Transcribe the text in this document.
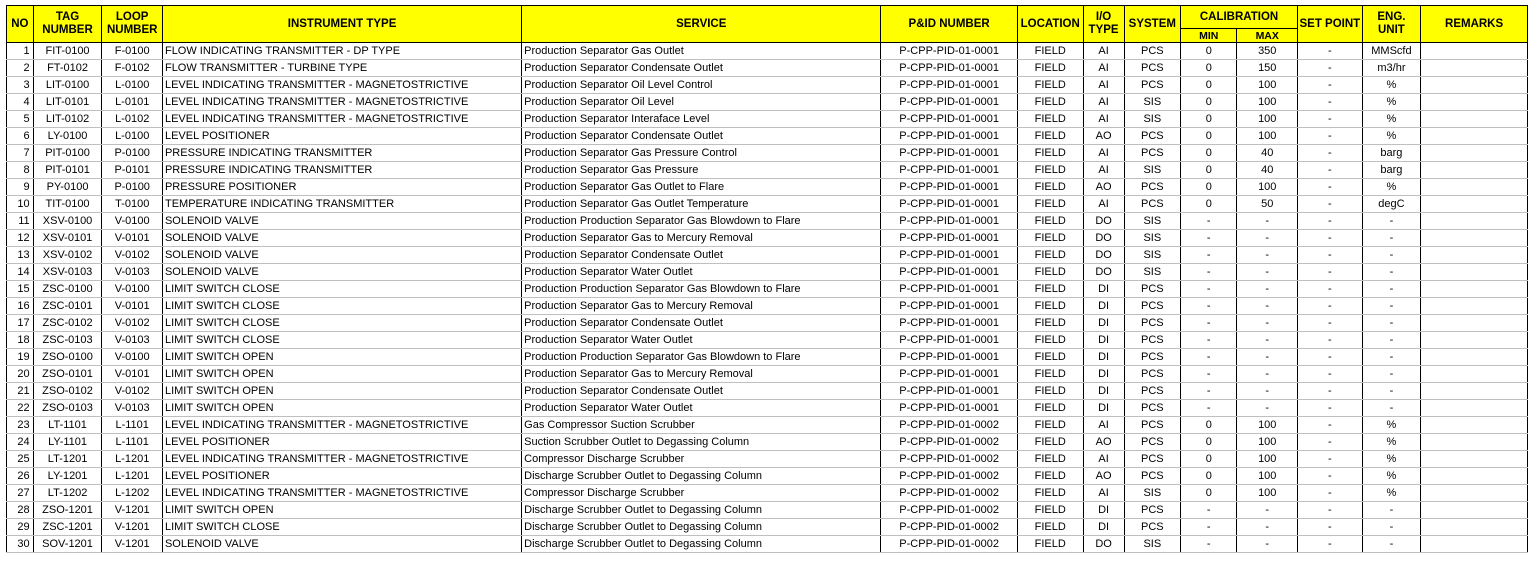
NO	TAG NUMBER	LOOP NUMBER	INSTRUMENT TYPE	SERVICE	P&ID NUMBER	LOCATION	I/O TYPE	SYSTEM	CALIBRATION		SET POINT	ENG. UNIT	REMARKS
									MIN	MAX			
1	FIT-0100	F-0100	FLOW INDICATING TRANSMITTER - DP TYPE	Production Separator Gas Outlet	P-CPP-PID-01-0001	FIELD	AI	PCS	0	350	-	MMScfd	
2	FT-0102	F-0102	FLOW TRANSMITTER - TURBINE TYPE	Production Separator Condensate Outlet	P-CPP-PID-01-0001	FIELD	AI	PCS	0	150	-	m3/hr	
3	LIT-0100	L-0100	LEVEL INDICATING TRANSMITTER - MAGNETOSTRICTIVE	Production Separator Oil Level Control	P-CPP-PID-01-0001	FIELD	AI	PCS	0	100	-	%	
4	LIT-0101	L-0101	LEVEL INDICATING TRANSMITTER - MAGNETOSTRICTIVE	Production Separator Oil Level	P-CPP-PID-01-0001	FIELD	AI	SIS	0	100	-	%	
5	LIT-0102	L-0102	LEVEL INDICATING TRANSMITTER - MAGNETOSTRICTIVE	Production Separator Interaface Level	P-CPP-PID-01-0001	FIELD	AI	SIS	0	100	-	%	
6	LY-0100	L-0100	LEVEL POSITIONER	Production Separator Condensate Outlet	P-CPP-PID-01-0001	FIELD	AO	PCS	0	100	-	%	
7	PIT-0100	P-0100	PRESSURE INDICATING TRANSMITTER	Production Separator Gas Pressure Control	P-CPP-PID-01-0001	FIELD	AI	PCS	0	40	-	barg	
8	PIT-0101	P-0101	PRESSURE INDICATING TRANSMITTER	Production Separator Gas Pressure	P-CPP-PID-01-0001	FIELD	AI	SIS	0	40	-	barg	
9	PY-0100	P-0100	PRESSURE POSITIONER	Production Separator Gas Outlet to Flare	P-CPP-PID-01-0001	FIELD	AO	PCS	0	100	-	%	
10	TIT-0100	T-0100	TEMPERATURE INDICATING TRANSMITTER	Production Separator Gas Outlet Temperature	P-CPP-PID-01-0001	FIELD	AI	PCS	0	50	-	degC	
11	XSV-0100	V-0100	SOLENOID VALVE	Production Production Separator Gas Blowdown to Flare	P-CPP-PID-01-0001	FIELD	DO	SIS	-	-	-	-	
12	XSV-0101	V-0101	SOLENOID VALVE	Production Separator Gas to Mercury Removal	P-CPP-PID-01-0001	FIELD	DO	SIS	-	-	-	-	
13	XSV-0102	V-0102	SOLENOID VALVE	Production Separator Condensate Outlet	P-CPP-PID-01-0001	FIELD	DO	SIS	-	-	-	-	
14	XSV-0103	V-0103	SOLENOID VALVE	Production Separator Water Outlet	P-CPP-PID-01-0001	FIELD	DO	SIS	-	-	-	-	
15	ZSC-0100	V-0100	LIMIT SWITCH CLOSE	Production Production Separator Gas Blowdown to Flare	P-CPP-PID-01-0001	FIELD	DI	PCS	-	-	-	-	
16	ZSC-0101	V-0101	LIMIT SWITCH CLOSE	Production Separator Gas to Mercury Removal	P-CPP-PID-01-0001	FIELD	DI	PCS	-	-	-	-	
17	ZSC-0102	V-0102	LIMIT SWITCH CLOSE	Production Separator Condensate Outlet	P-CPP-PID-01-0001	FIELD	DI	PCS	-	-	-	-	
18	ZSC-0103	V-0103	LIMIT SWITCH CLOSE	Production Separator Water Outlet	P-CPP-PID-01-0001	FIELD	DI	PCS	-	-	-	-	
19	ZSO-0100	V-0100	LIMIT SWITCH OPEN	Production Production Separator Gas Blowdown to Flare	P-CPP-PID-01-0001	FIELD	DI	PCS	-	-	-	-	
20	ZSO-0101	V-0101	LIMIT SWITCH OPEN	Production Separator Gas to Mercury Removal	P-CPP-PID-01-0001	FIELD	DI	PCS	-	-	-	-	
21	ZSO-0102	V-0102	LIMIT SWITCH OPEN	Production Separator Condensate Outlet	P-CPP-PID-01-0001	FIELD	DI	PCS	-	-	-	-	
22	ZSO-0103	V-0103	LIMIT SWITCH OPEN	Production Separator Water Outlet	P-CPP-PID-01-0001	FIELD	DI	PCS	-	-	-	-	
23	LT-1101	L-1101	LEVEL INDICATING TRANSMITTER - MAGNETOSTRICTIVE	Gas Compressor Suction Scrubber	P-CPP-PID-01-0002	FIELD	AI	PCS	0	100	-	%	
24	LY-1101	L-1101	LEVEL POSITIONER	Suction Scrubber Outlet to Degassing Column	P-CPP-PID-01-0002	FIELD	AO	PCS	0	100	-	%	
25	LT-1201	L-1201	LEVEL INDICATING TRANSMITTER - MAGNETOSTRICTIVE	Compressor Discharge Scrubber	P-CPP-PID-01-0002	FIELD	AI	PCS	0	100	-	%	
26	LY-1201	L-1201	LEVEL POSITIONER	Discharge Scrubber Outlet to Degassing Column	P-CPP-PID-01-0002	FIELD	AO	PCS	0	100	-	%	
27	LT-1202	L-1202	LEVEL INDICATING TRANSMITTER - MAGNETOSTRICTIVE	Compressor Discharge Scrubber	P-CPP-PID-01-0002	FIELD	AI	SIS	0	100	-	%	
28	ZSO-1201	V-1201	LIMIT SWITCH OPEN	Discharge Scrubber Outlet to Degassing Column	P-CPP-PID-01-0002	FIELD	DI	PCS	-	-	-	-	
29	ZSC-1201	V-1201	LIMIT SWITCH CLOSE	Discharge Scrubber Outlet to Degassing Column	P-CPP-PID-01-0002	FIELD	DI	PCS	-	-	-	-	
30	SOV-1201	V-1201	SOLENOID VALVE	Discharge Scrubber Outlet to Degassing Column	P-CPP-PID-01-0002	FIELD	DO	SIS	-	-	-	-	
